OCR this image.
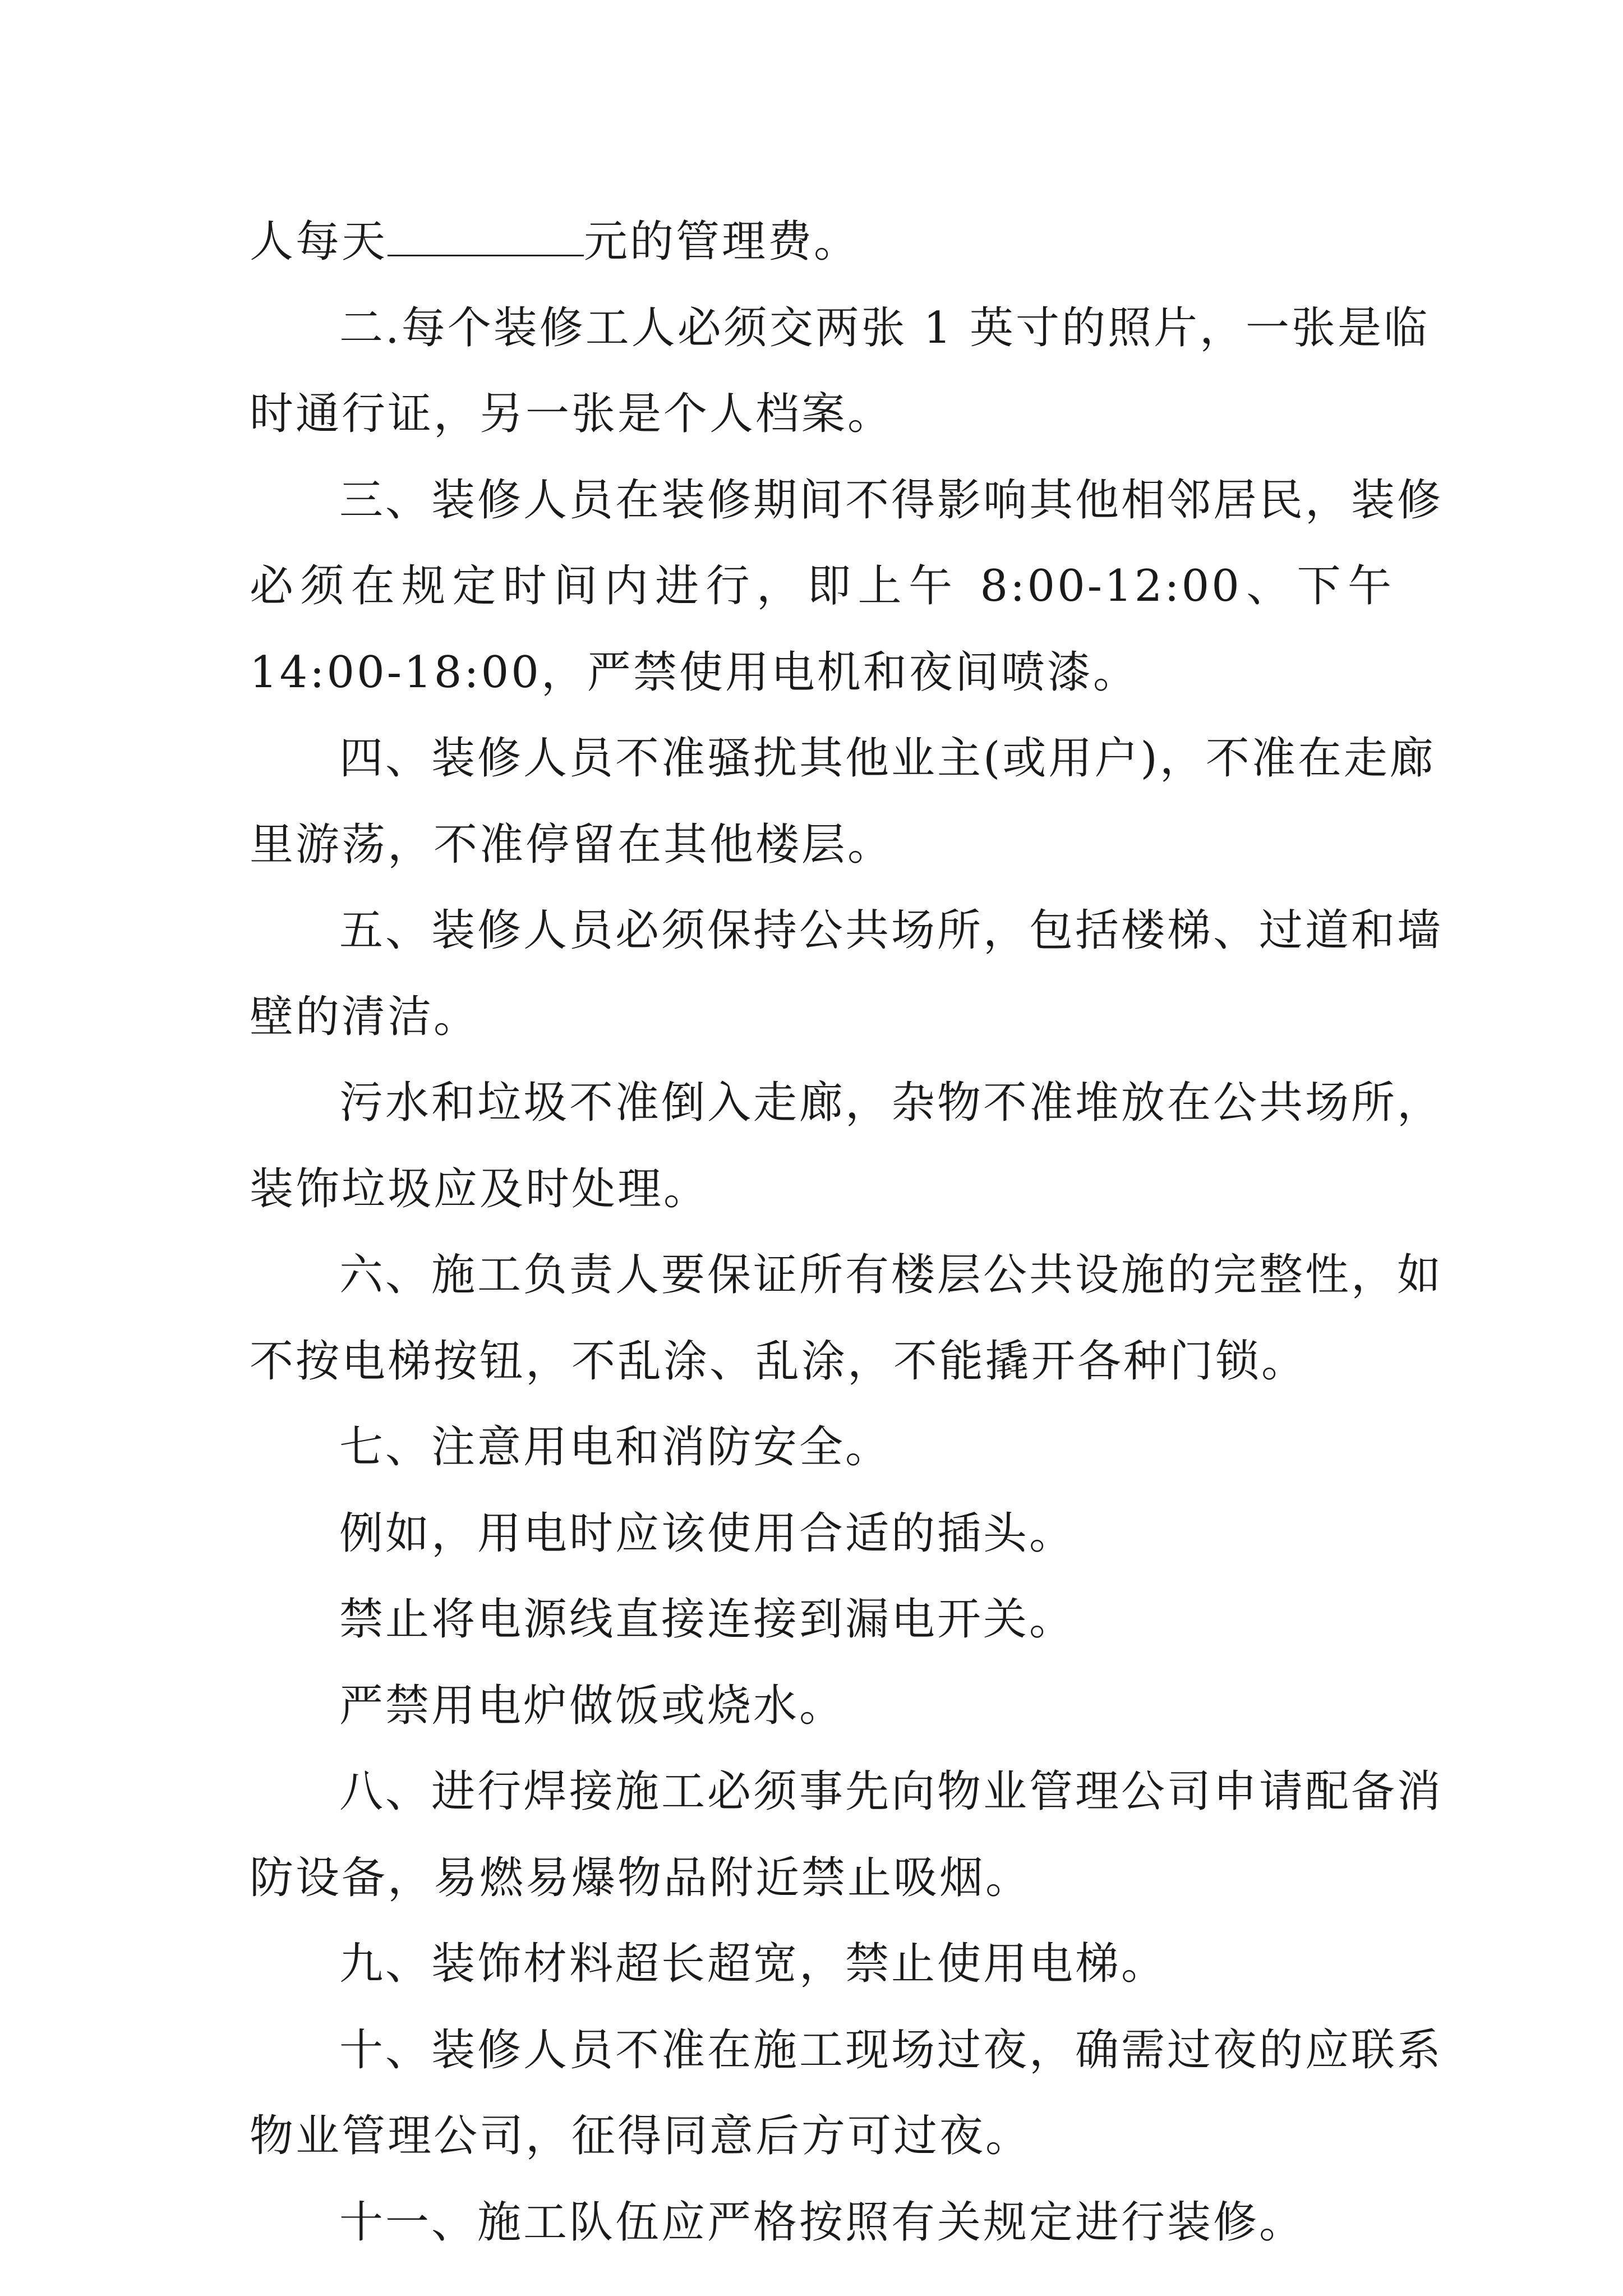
人每天	元的管理费。
二.每个装修工人必须交两张 1 英寸的照片，一张是临
时通行证，另一张是个人档案。
三、装修人员在装修期间不得影响其他相邻居民，装修
必须在规定时间内进行，即上午 8:00-12:00、下午
14:00-18:00，严禁使用电机和夜间喷漆。
四、装修人员不准骚扰其他业主(或用户)，不准在走廊
里游荡，不准停留在其他楼层。
五、装修人员必须保持公共场所，包括楼梯、过道和墙
壁的清洁。
污水和垃圾不准倒入走廊，杂物不准堆放在公共场所，
装饰垃圾应及时处理。
六、施工负责人要保证所有楼层公共设施的完整性，如
不按电梯按钮，不乱涂、乱涂，不能撬开各种门锁。
七、注意用电和消防安全。
例如，用电时应该使用合适的插头。
禁止将电源线直接连接到漏电开关。
严禁用电炉做饭或烧水。
八、进行焊接施工必须事先向物业管理公司申请配备消
防设备，易燃易爆物品附近禁止吸烟。
九、装饰材料超长超宽，禁止使用电梯。
十、装修人员不准在施工现场过夜，确需过夜的应联系
物业管理公司，征得同意后方可过夜。
十一、施工队伍应严格按照有关规定进行装修。
